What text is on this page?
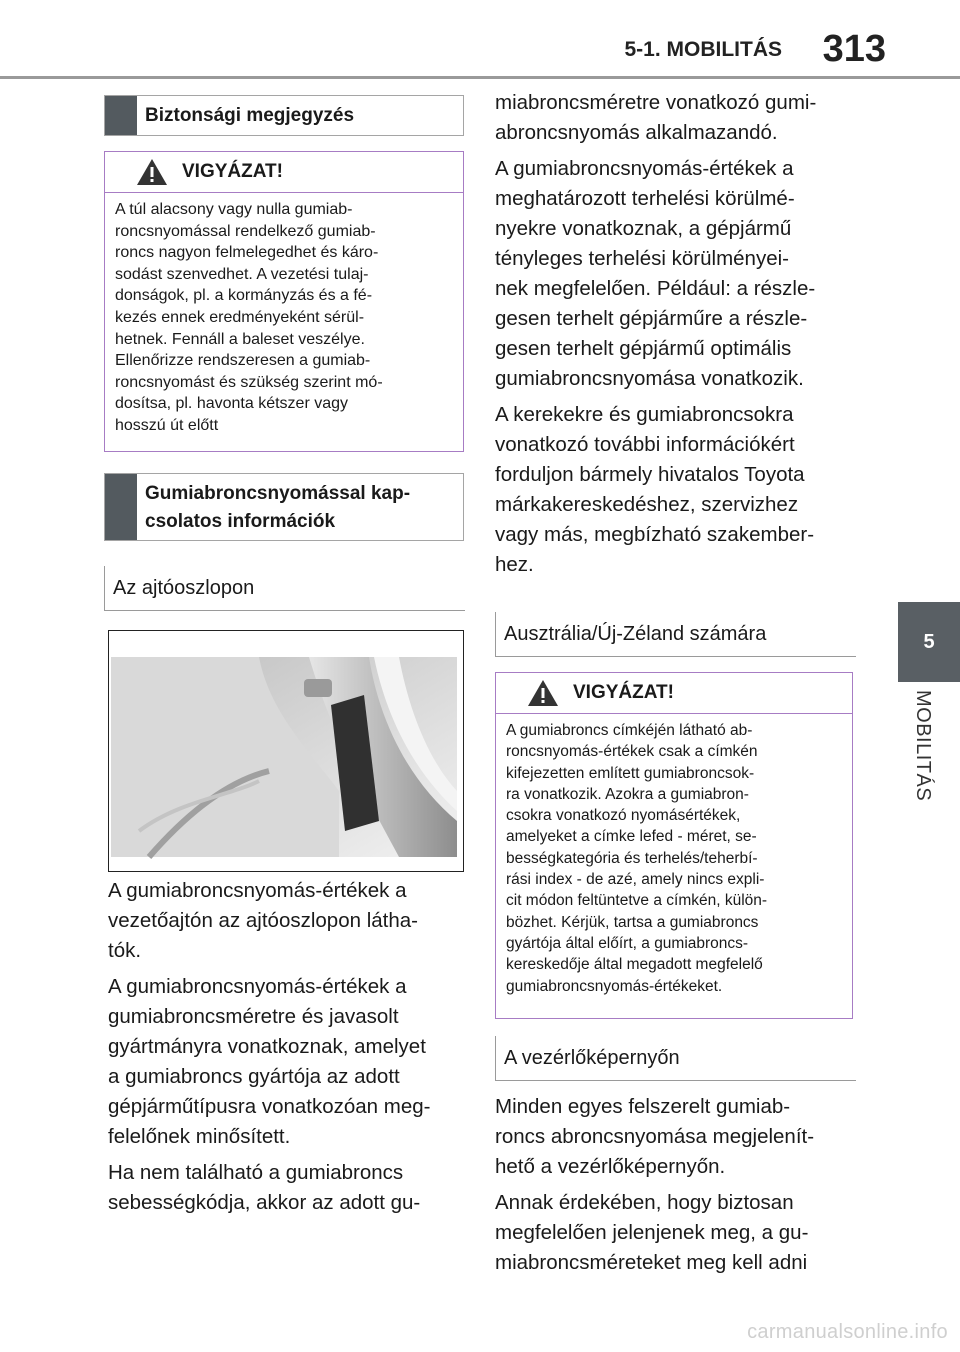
5-1. MOBILITÁS 313
5
MOBILITÁS
Biztonsági megjegyzés
VIGYÁZAT!
A túl alacsony vagy nulla gumiab-
roncsnyomással rendelkező gumiab-
roncs nagyon felmelegedhet és káro-
sodást szenvedhet. A vezetési tulaj-
donságok, pl. a kormányzás és a fé-
kezés ennek eredményeként sérül-
hetnek. Fennáll a baleset veszélye.
Ellenőrizze rendszeresen a gumiab-
roncsnyomást és szükség szerint mó-
dosítsa, pl. havonta kétszer vagy
hosszú út előtt
Gumiabroncsnyomással kap-
csolatos információk
Az ajtóoszlopon

A gumiabroncsnyomás-értékek a
vezetőajtón az ajtóoszlopon látha-
tók.

A gumiabroncsnyomás-értékek a
gumiabroncsméretre és javasolt
gyártmányra vonatkoznak, amelyet
a gumiabroncs gyártója az adott
gépjárműtípusra vonatkozóan meg-
felelőnek minősített.

Ha nem található a gumiabroncs
sebességkódja, akkor az adott gu-

miabroncsméretre vonatkozó gumi-
abroncsnyomás alkalmazandó.

A gumiabroncsnyomás-értékek a
meghatározott terhelési körülmé-
nyekre vonatkoznak, a gépjármű
tényleges terhelési körülményei-
nek megfelelően. Például: a részle-
gesen terhelt gépjárműre a részle-
gesen terhelt gépjármű optimális
gumiabroncsnyomása vonatkozik.

A kerekekre és gumiabroncsokra
vonatkozó további információkért
forduljon bármely hivatalos Toyota
márkakereskedéshez, szervizhez
vagy más, megbízható szakember-
hez.

Ausztrália/Új-Zéland számára
VIGYÁZAT!
A gumiabroncs címkéjén látható ab-
roncsnyomás-értékek csak a címkén
kifejezetten említett gumiabroncsok-
ra vonatkozik. Azokra a gumiabron-
csokra vonatkozó nyomásértékek,
amelyeket a címke lefed - méret, se-
bességkategória és terhelés/teherbí-
rási index - de azé, amely nincs expli-
cit módon feltüntetve a címkén, külön-
bözhet. Kérjük, tartsa a gumiabroncs
gyártója által előírt, a gumiabroncs-
kereskedője által megadott megfelelő
gumiabroncsnyomás-értékeket.
A vezérlőképernyőn

Minden egyes felszerelt gumiab-
roncs abroncsnyomása megjelenít-
hető a vezérlőképernyőn.

Annak érdekében, hogy biztosan
megfelelően jelenjenek meg, a gu-
miabroncsméreteket meg kell adni

carmanualsonline.info
